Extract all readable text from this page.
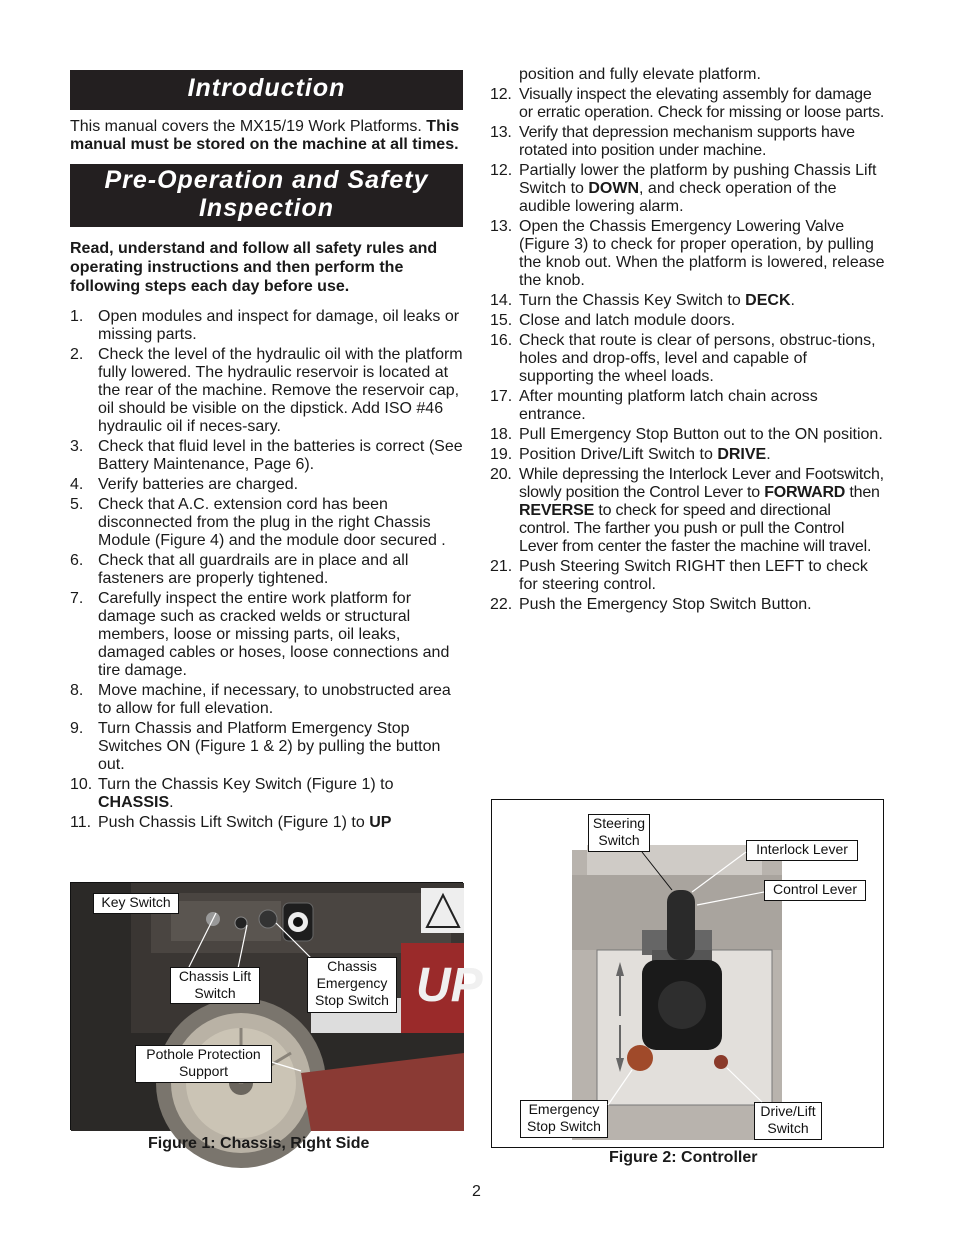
Introduction

This manual covers the MX15/19 Work Platforms. This manual must be stored on the machine at all times.

Pre-Operation and Safety
Inspection

Read, understand and follow all safety rules and operating instructions and then perform the following steps each day before use.

1. Open modules and inspect for damage, oil leaks or missing parts.
2. Check the level of the hydraulic oil with the platform fully lowered. The hydraulic reservoir is located at the rear of the machine. Remove the reservoir cap, oil should be visible on the dipstick. Add ISO #46 hydraulic oil if neces-sary.
3. Check that fluid level in the batteries is correct (See Battery Maintenance, Page 6).
4. Verify batteries are charged.
5. Check that A.C. extension cord has been disconnected from the plug in the right Chassis Module (Figure 4) and the module door secured .
6. Check that all guardrails are in place and all fasteners are properly tightened.
7. Carefully inspect the entire work platform for damage such as cracked welds or structural members, loose or missing parts, oil leaks, damaged cables or hoses, loose connections and tire damage.
8. Move machine, if necessary, to unobstructed area to allow for full elevation.
9. Turn Chassis and Platform Emergency Stop Switches ON (Figure 1 & 2) by pulling the button out.
10. Turn the Chassis Key Switch (Figure 1) to
CHASSIS.
11. Push Chassis Lift Switch (Figure 1) to UP
position and fully elevate platform.
12. Visually inspect the elevating assembly for damage or erratic operation. Check for missing or loose parts.
13. Verify that depression mechanism supports have rotated into position under machine.
12. Partially lower the platform by pushing Chassis Lift Switch to DOWN, and check operation of the audible lowering alarm.
13. Open the Chassis Emergency Lowering Valve (Figure 3) to check for proper operation, by pulling the knob out. When the platform is lowered, release the knob.
14. Turn the Chassis Key Switch to DECK.
15. Close and latch module doors.
16. Check that route is clear of persons, obstruc-tions, holes and drop-offs, level and capable of supporting the wheel loads.
17. After mounting platform latch chain across entrance.
18. Pull Emergency Stop Button out to the ON position.
19. Position Drive/Lift Switch to DRIVE.
20. While depressing the Interlock Lever and Footswitch, slowly position the Control Lever to FORWARD then REVERSE to check for speed and directional control. The farther you push or pull the Control Lever from center the faster the machine will travel.
21. Push Steering Switch RIGHT then LEFT to check for steering control.
22. Push the Emergency Stop Switch Button.
UP
Key Switch
Chassis Lift
Switch
Chassis
Emergency
Stop Switch
Pothole Protection
Support
Figure 1: Chassis, Right Side
Steering
Switch
Interlock Lever
Control Lever
Emergency
Stop Switch
Drive/Lift
Switch
Figure 2: Controller
2
